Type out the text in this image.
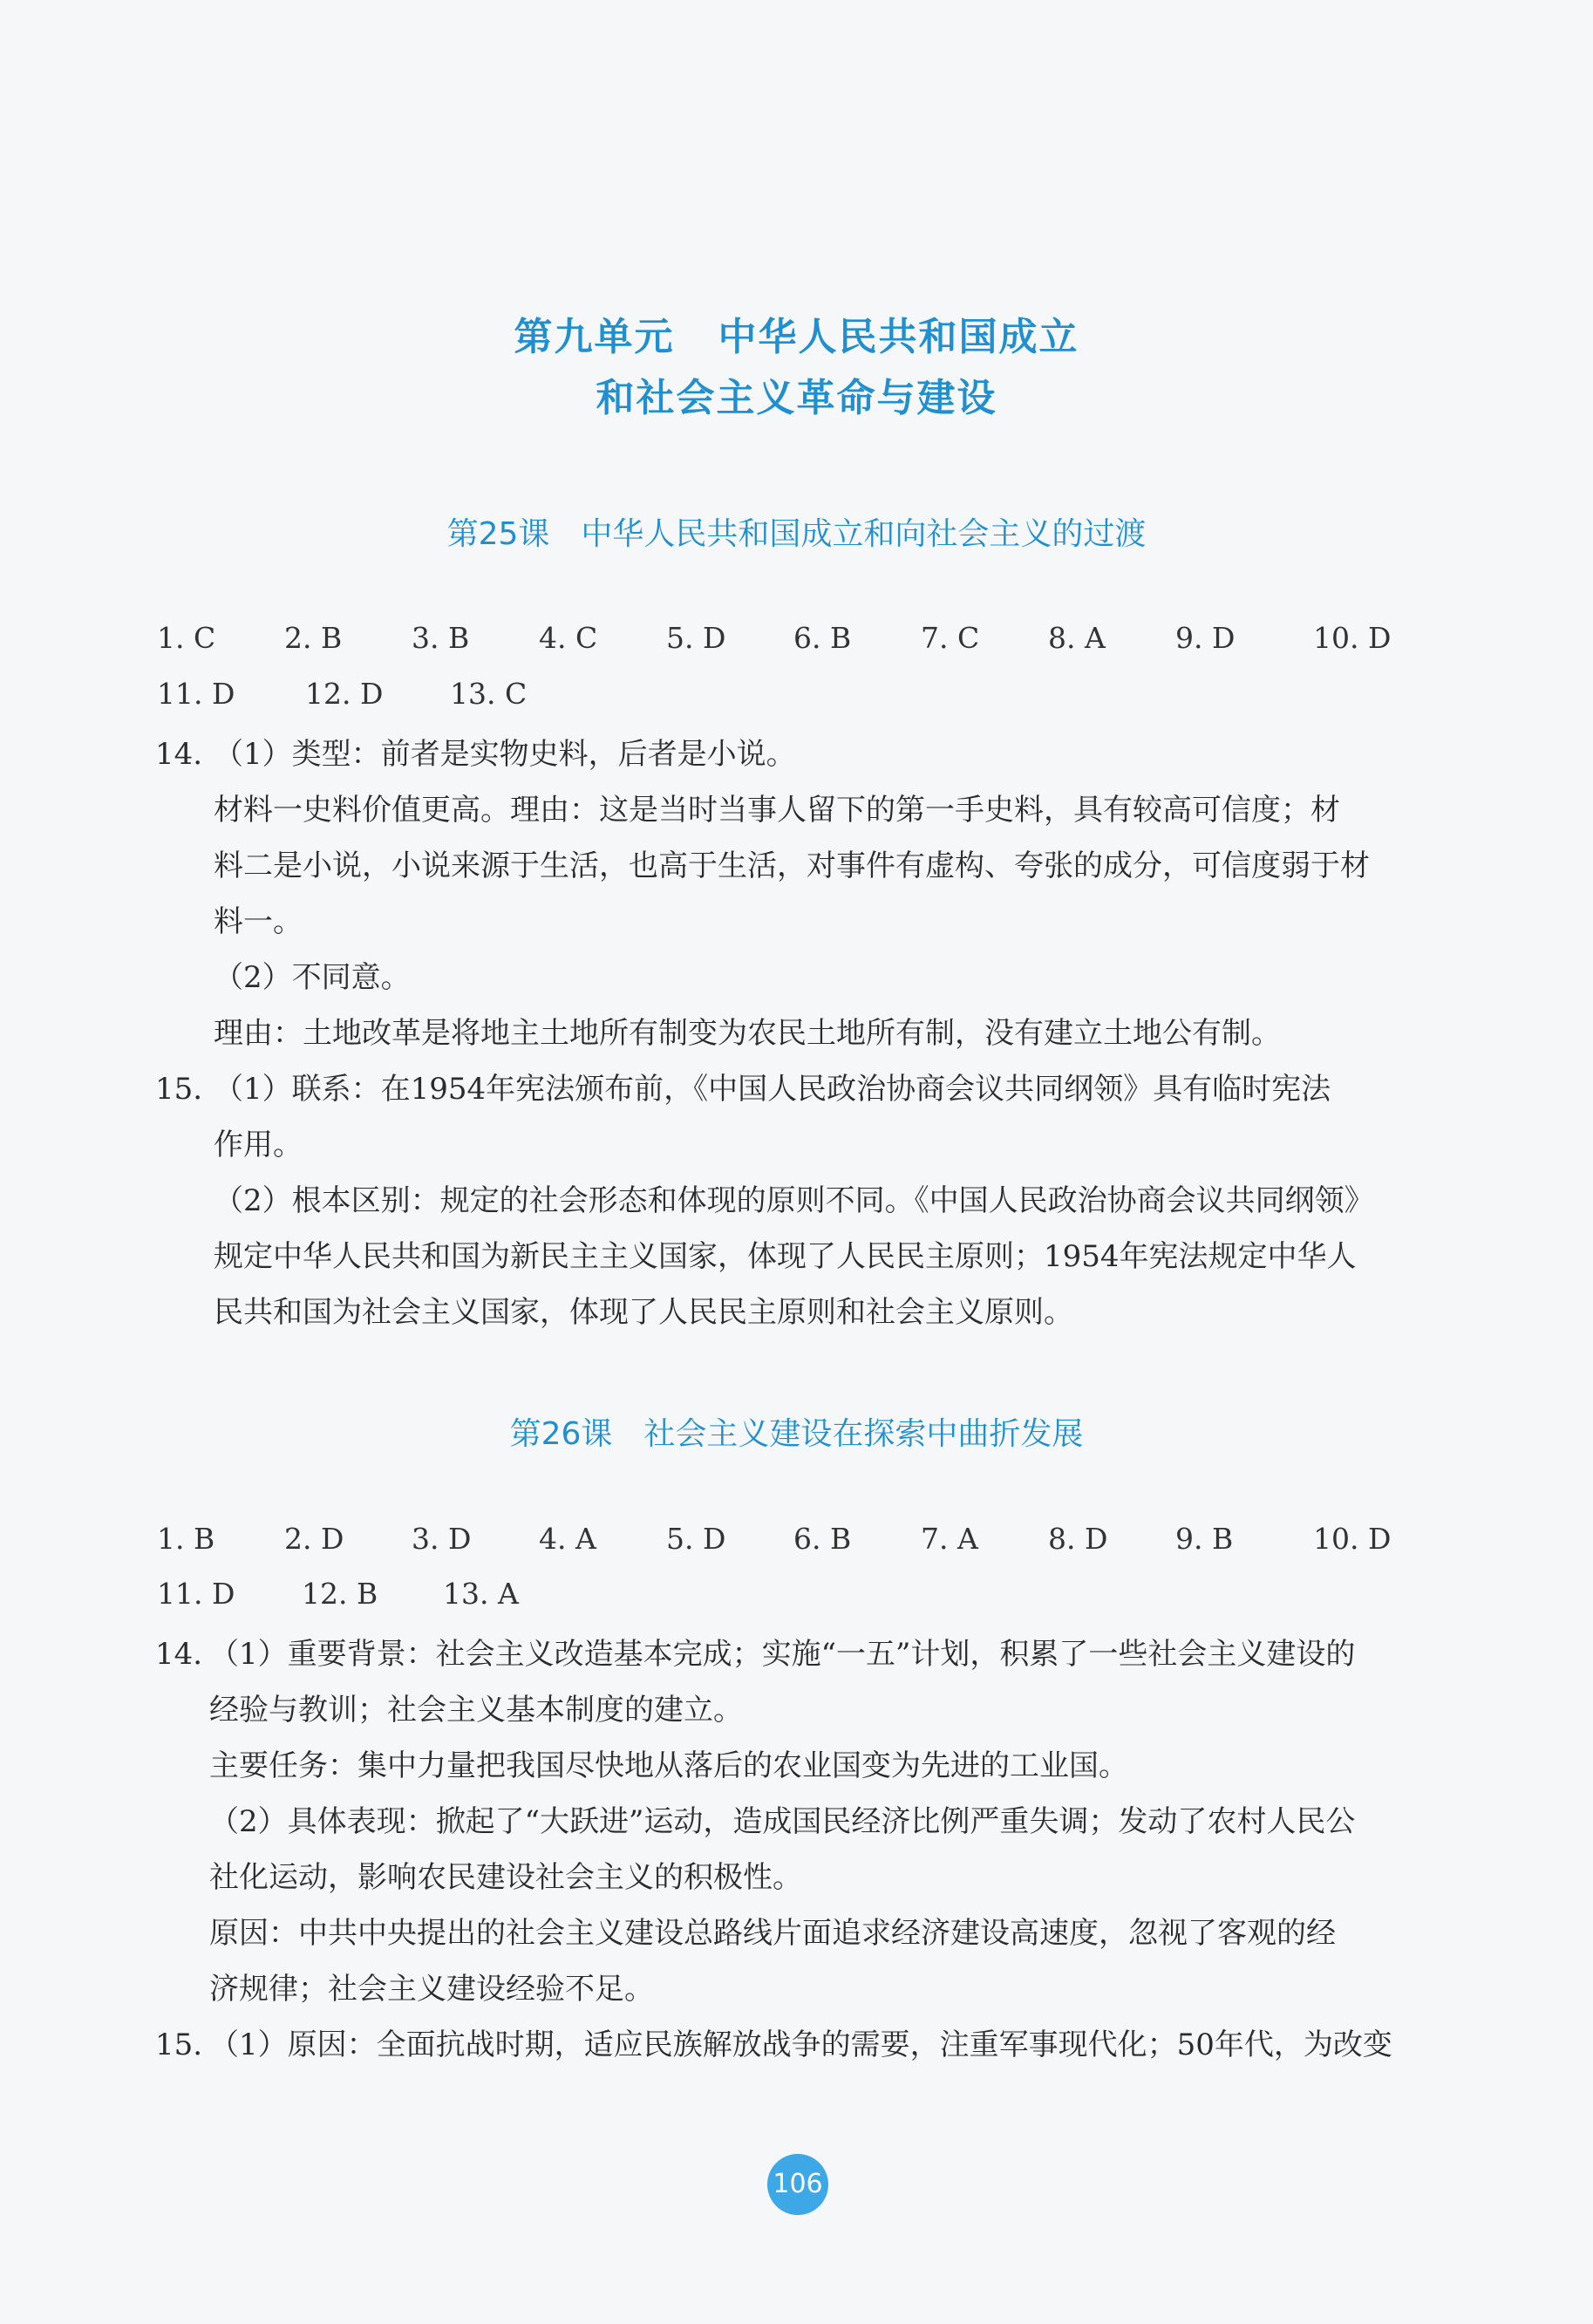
第九单元 中华人民共和国成立
和社会主义革命与建设
第25课 中华人民共和国成立和向社会主义的过渡
1. C 2. B 3. B 4. C 5. D 6. B 7. C 8. A 9. D	10. D
11. D 12. D 13. C
14. （1）类型：前者是实物史料，后者是小说。
材料一史料价值更高。理由：这是当时当事人留下的第一手史料，具有较高可信度；材
料二是小说，小说来源于生活，也高于生活，对事件有虚构、夸张的成分，可信度弱于材
料一。
（2）不同意。
理由：土地改革是将地主土地所有制变为农民土地所有制，没有建立土地公有制。
15. （1）联系：在1954年宪法颁布前，《中国人民政治协商会议共同纲领》具有临时宪法
作用。
（2）根本区别：规定的社会形态和体现的原则不同。《中国人民政治协商会议共同纲领》
规定中华人民共和国为新民主主义国家，体现了人民民主原则；1954年宪法规定中华人
民共和国为社会主义国家，体现了人民民主原则和社会主义原则。
第26课 社会主义建设在探索中曲折发展
1. B 2. D 3. D 4. A 5. D 6. B 7. A 8. D 9. B	10. D
11. D 12. B 13. A
14. （1）重要背景：社会主义改造基本完成；实施“一五”计划，积累了一些社会主义建设的
经验与教训；社会主义基本制度的建立。
主要任务：集中力量把我国尽快地从落后的农业国变为先进的工业国。
（2）具体表现：掀起了“大跃进”运动，造成国民经济比例严重失调；发动了农村人民公
社化运动，影响农民建设社会主义的积极性。
原因：中共中央提出的社会主义建设总路线片面追求经济建设高速度，忽视了客观的经
济规律；社会主义建设经验不足。
15. （1）原因：全面抗战时期，适应民族解放战争的需要，注重军事现代化；50年代，为改变
106
